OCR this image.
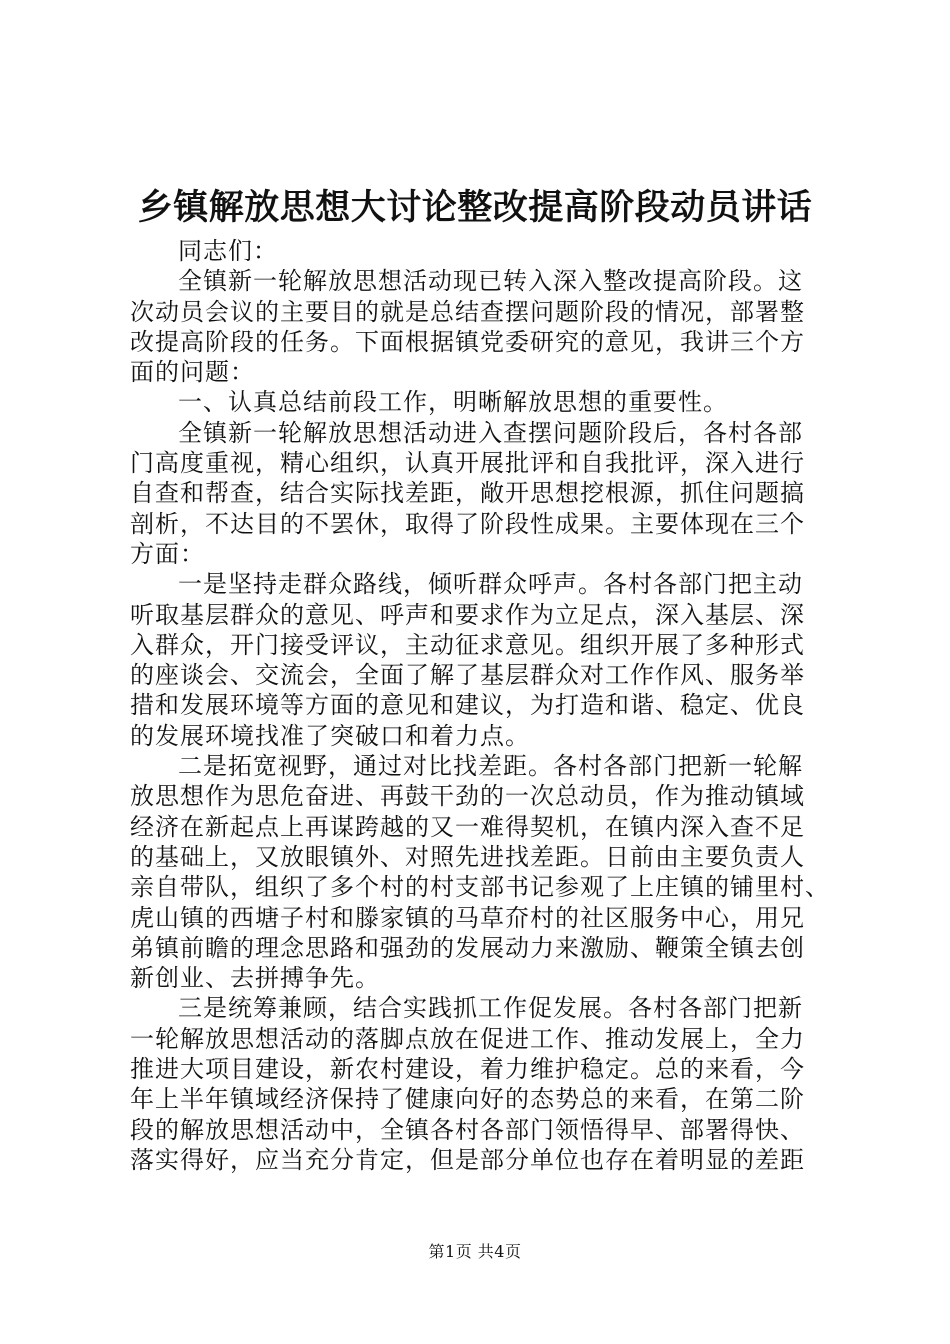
乡镇解放思想大讨论整改提高阶段动员讲话
同志们：
全镇新一轮解放思想活动现已转入深入整改提高阶段。这
次动员会议的主要目的就是总结查摆问题阶段的情况，部署整
改提高阶段的任务。下面根据镇党委研究的意见，我讲三个方
面的问题：
一、认真总结前段工作，明晰解放思想的重要性。
全镇新一轮解放思想活动进入查摆问题阶段后，各村各部
门高度重视，精心组织，认真开展批评和自我批评，深入进行
自查和帮查，结合实际找差距，敞开思想挖根源，抓住问题搞
剖析，不达目的不罢休，取得了阶段性成果。主要体现在三个
方面：
一是坚持走群众路线，倾听群众呼声。各村各部门把主动
听取基层群众的意见、呼声和要求作为立足点，深入基层、深
入群众，开门接受评议，主动征求意见。组织开展了多种形式
的座谈会、交流会，全面了解了基层群众对工作作风、服务举
措和发展环境等方面的意见和建议，为打造和谐、稳定、优良
的发展环境找准了突破口和着力点。
二是拓宽视野，通过对比找差距。各村各部门把新一轮解
放思想作为思危奋进、再鼓干劲的一次总动员，作为推动镇域
经济在新起点上再谋跨越的又一难得契机，在镇内深入查不足
的基础上，又放眼镇外、对照先进找差距。日前由主要负责人
亲自带队，组织了多个村的村支部书记参观了上庄镇的铺里村、
虎山镇的西塘子村和滕家镇的马草夼村的社区服务中心，用兄
弟镇前瞻的理念思路和强劲的发展动力来激励、鞭策全镇去创
新创业、去拼搏争先。
三是统筹兼顾，结合实践抓工作促发展。各村各部门把新
一轮解放思想活动的落脚点放在促进工作、推动发展上，全力
推进大项目建设，新农村建设，着力维护稳定。总的来看，今
年上半年镇域经济保持了健康向好的态势总的来看，在第二阶
段的解放思想活动中，全镇各村各部门领悟得早、部署得快、
落实得好，应当充分肯定，但是部分单位也存在着明显的差距
第1页 共4页
